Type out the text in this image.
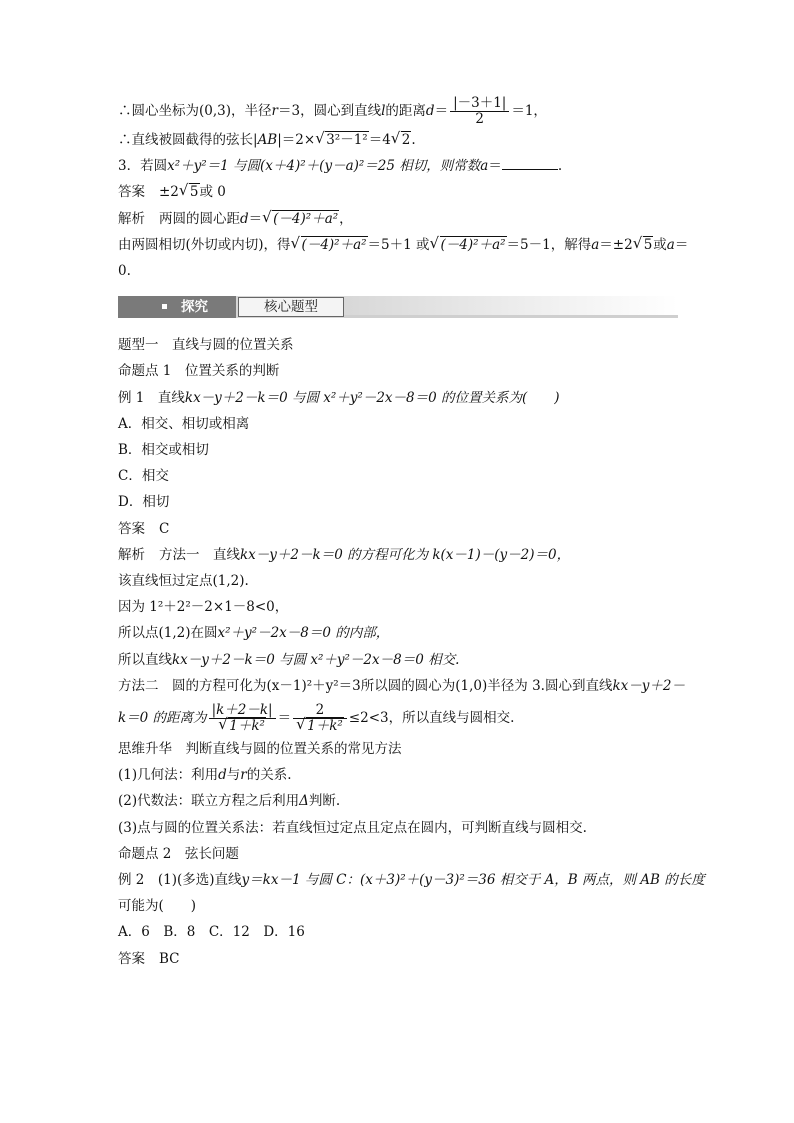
∴圆心坐标为(0,3)，半径r＝3，圆心到直线l的距离$d= \frac{|-3+1|}{2} =1$，
∴直线被圆截得的弦长|AB|＝2× √ 3²－1²＝4 √ 2.
3．若圆x²＋y²＝1 与圆(x＋4)²＋(y－a)²＝25 相切，则常数a＝	.
答案 ±2 √ 5或 0
解析 两圆的圆心距d＝ √ (－4)²＋a²，
由两圆相切(外切或内切)，得 √ (－4)²＋a²＝5＋1 或 √ (－4)²＋a²＝5－1，解得a＝±2 √ 5或a＝
0.
探究	核心题型
题型一　直线与圆的位置关系
命题点 1　位置关系的判断
例 1　直线kx－y＋2－k＝0 与圆 x²＋y²－2x－8＝0 的位置关系为(　　)
A．相交、相切或相离
B．相交或相切
C．相交
D．相切
答案 C
解析 方法一　直线kx－y＋2－k＝0 的方程可化为 k(x－1)－(y－2)＝0，
该直线恒过定点(1,2).
因为 1²＋2²－2×1－8<0，
所以点(1,2)在圆x²＋y²－2x－8＝0 的内部，
所以直线kx－y＋2－k＝0 与圆 x²＋y²－2x－8＝0 相交.
方法二　圆的方程可化为(x－1)²＋y²＝3所以圆的圆心为(1,0)半径为 3.圆心到直线kx－y＋2－
k＝0 的距离为 |k＋2－k|
√ 1＋k² ＝ 2
√ 1＋k² ≤2<3，所以直线与圆相交.
思维升华　判断直线与圆的位置关系的常见方法
(1)几何法：利用d与r的关系.
(2)代数法：联立方程之后利用Δ判断.
(3)点与圆的位置关系法：若直线恒过定点且定点在圆内，可判断直线与圆相交.
命题点 2　弦长问题
例 2　(1)(多选)直线y＝kx－1 与圆 C：(x＋3)²＋(y－3)²＝36 相交于 A，B 两点，则 AB 的长度
可能为(　　)
A．6　B．8　C．12　D．16
答案 BC
